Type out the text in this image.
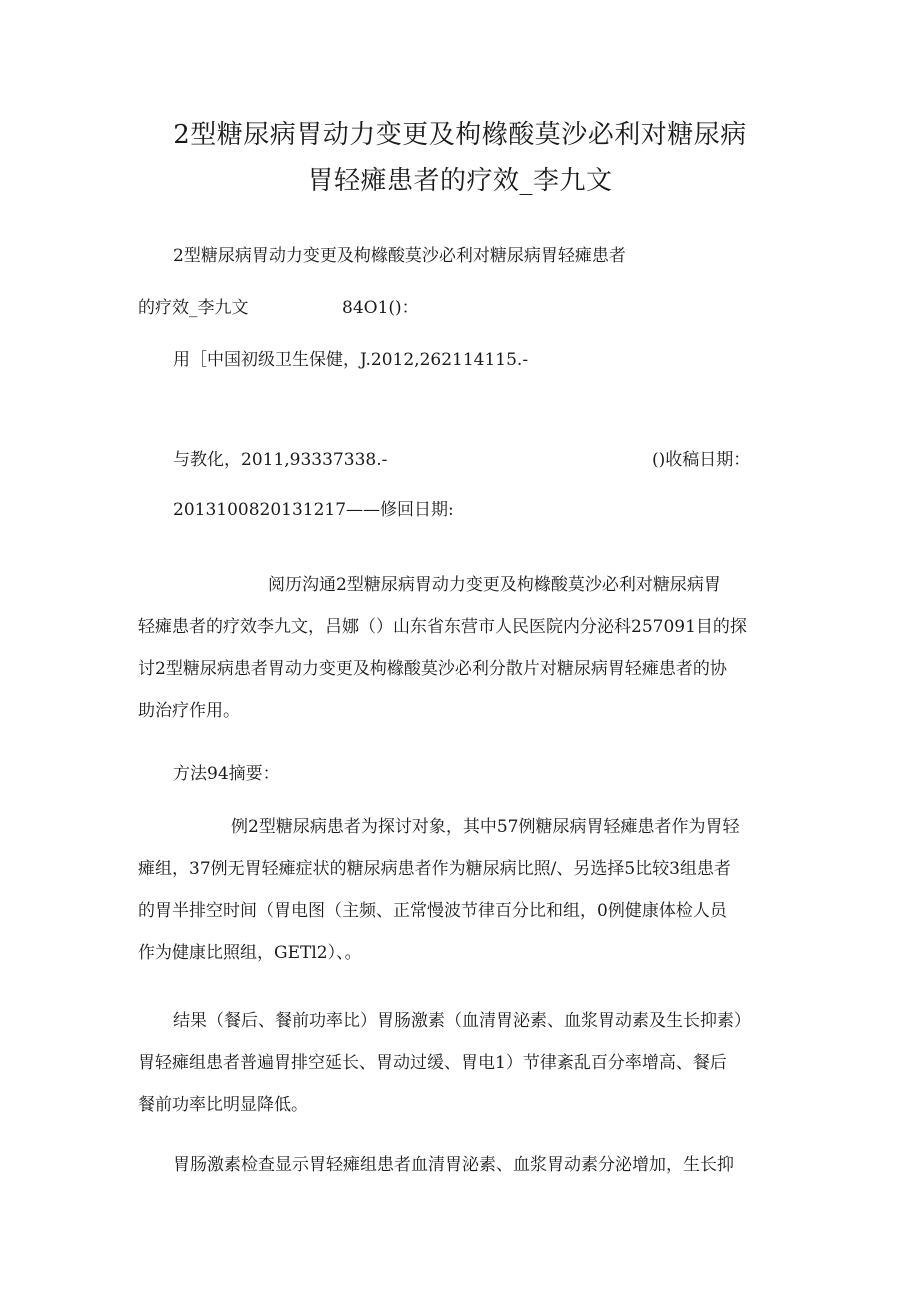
2型糖尿病胃动力变更及枸橼酸莫沙必利对糖尿病
胃轻瘫患者的疗效_李九文
2型糖尿病胃动力变更及枸橼酸莫沙必利对糖尿病胃轻瘫患者
的疗效_李九文	84O1()：
用［中国初级卫生保健，J.2012,262114115.-
与教化，2011,93337338.-	()收稿日期：
2013100820131217——修回日期:
阅历沟通2型糖尿病胃动力变更及枸橼酸莫沙必利对糖尿病胃
轻瘫患者的疗效李九文，吕娜（）山东省东营市人民医院内分泌科257091目的探
讨2型糖尿病患者胃动力变更及枸橼酸莫沙必利分散片对糖尿病胃轻瘫患者的协
助治疗作用。
方法94摘要：
例2型糖尿病患者为探讨对象，其中57例糖尿病胃轻瘫患者作为胃轻
瘫组，37例无胃轻瘫症状的糖尿病患者作为糖尿病比照/、另选择5比较3组患者
的胃半排空时间（胃电图（主频、正常慢波节律百分比和组，0例健康体检人员
作为健康比照组，GETl2）、。
结果（餐后、餐前功率比）胃肠激素（血清胃泌素、血浆胃动素及生长抑素）
胃轻瘫组患者普遍胃排空延长、胃动过缓、胃电1）节律紊乱百分率增高、餐后
餐前功率比明显降低。
胃肠激素检查显示胃轻瘫组患者血清胃泌素、血浆胃动素分泌增加，生长抑
